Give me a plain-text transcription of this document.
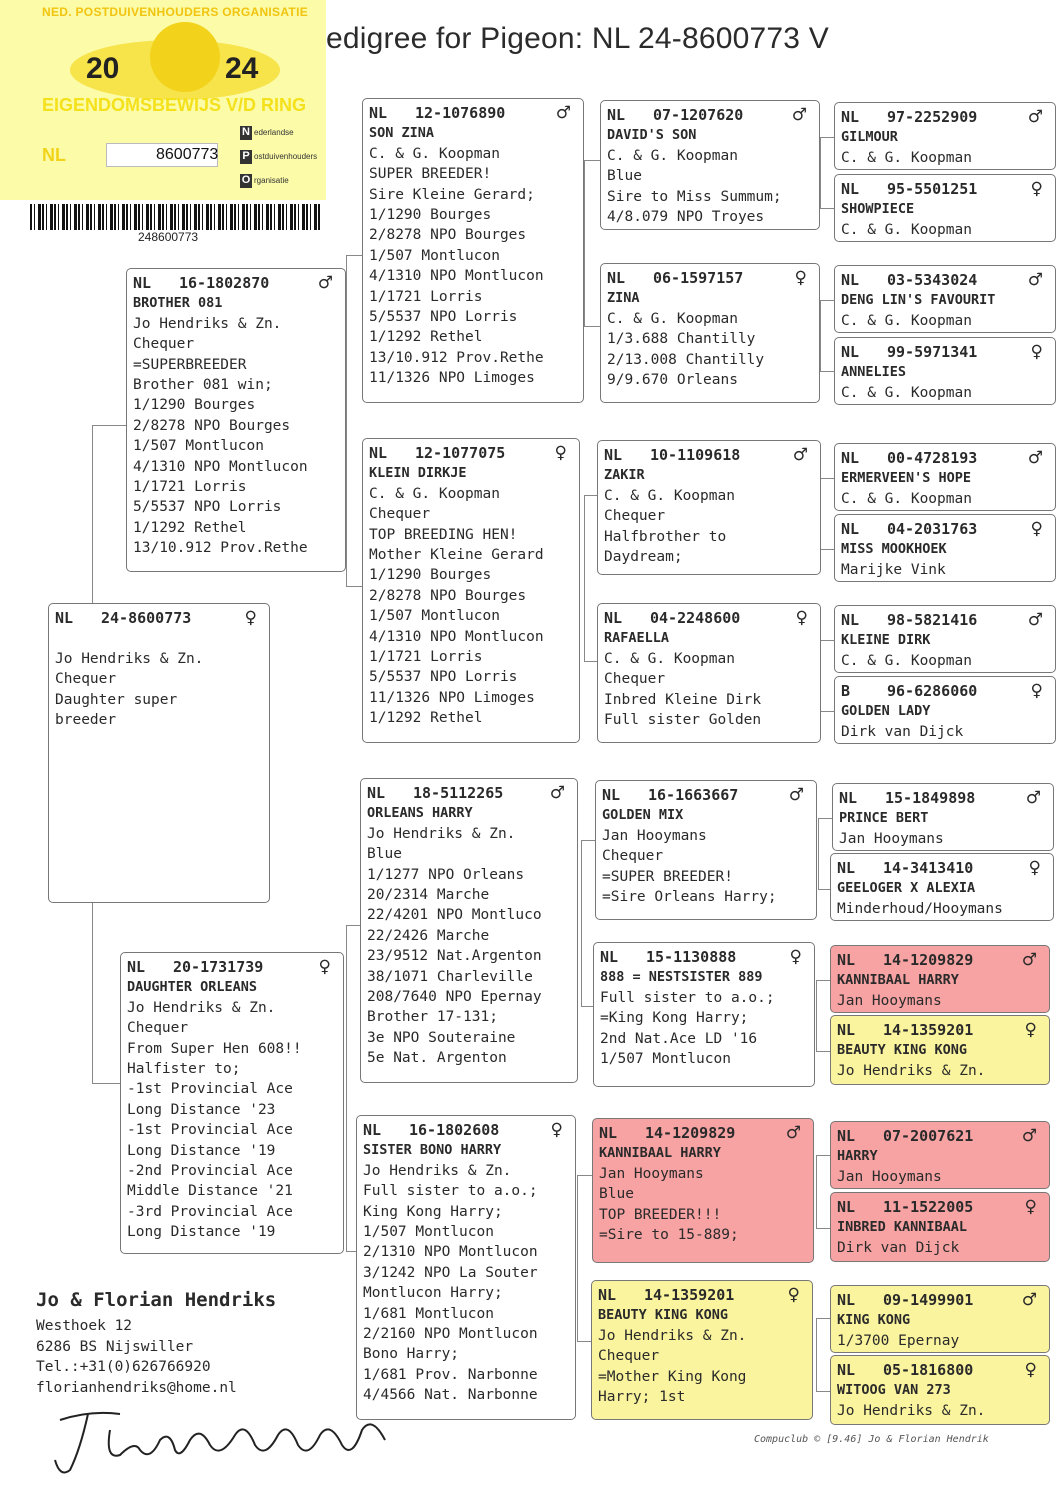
edigree for Pigeon: NL 24-8600773 V
NED. POSTDUIVENHOUDERS ORGANISATIE
20	24
EIGENDOMSBEWIJS V/D RING
NL	8600773
N ederlandse
P ostduivenhouders
O rganisatie
248600773
NL 24-8600773	♀

Jo Hendriks & Zn.
Chequer
Daughter super
breeder
NL 16-1802870	♂
BROTHER 081
Jo Hendriks & Zn.
Chequer
=SUPERBREEDER
Brother 081 win;
1/1290 Bourges
2/8278 NPO Bourges
1/507 Montlucon
4/1310 NPO Montlucon
1/1721 Lorris
5/5537 NPO Lorris
1/1292 Rethel
13/10.912 Prov.Rethe
NL 20-1731739	♀
DAUGHTER ORLEANS
Jo Hendriks & Zn.
Chequer
From Super Hen 608!!
Halfister to;
-1st Provincial Ace
Long Distance '23
-1st Provincial Ace
Long Distance '19
-2nd Provincial Ace
Middle Distance '21
-3rd Provincial Ace
Long Distance '19
NL 12-1076890	♂
SON ZINA
C. & G. Koopman
SUPER BREEDER!
Sire Kleine Gerard;
1/1290 Bourges
2/8278 NPO Bourges
1/507 Montlucon
4/1310 NPO Montlucon
1/1721 Lorris
5/5537 NPO Lorris
1/1292 Rethel
13/10.912 Prov.Rethe
11/1326 NPO Limoges
NL 12-1077075	♀
KLEIN DIRKJE
C. & G. Koopman
Chequer
TOP BREEDING HEN!
Mother Kleine Gerard
1/1290 Bourges
2/8278 NPO Bourges
1/507 Montlucon
4/1310 NPO Montlucon
1/1721 Lorris
5/5537 NPO Lorris
11/1326 NPO Limoges
1/1292 Rethel
NL 18-5112265	♂
ORLEANS HARRY
Jo Hendriks & Zn.
Blue
1/1277 NPO Orleans
20/2314 Marche
22/4201 NPO Montluco
22/2426 Marche
23/9512 Nat.Argenton
38/1071 Charleville
208/7640 NPO Epernay
Brother 17-131;
3e NPO Souteraine
5e Nat. Argenton
NL 16-1802608	♀
SISTER BONO HARRY
Jo Hendriks & Zn.
Full sister to a.o.;
King Kong Harry;
1/507 Montlucon
2/1310 NPO Montlucon
3/1242 NPO La Souter
Montlucon Harry;
1/681 Montlucon
2/2160 NPO Montlucon
Bono Harry;
1/681 Prov. Narbonne
4/4566 Nat. Narbonne
NL 07-1207620	♂
DAVID'S SON
C. & G. Koopman
Blue
Sire to Miss Summum;
4/8.079 NPO Troyes
NL 06-1597157	♀
ZINA
C. & G. Koopman
1/3.688 Chantilly
2/13.008 Chantilly
9/9.670 Orleans
NL 10-1109618	♂
ZAKIR
C. & G. Koopman
Chequer
Halfbrother to
Daydream;
NL 04-2248600	♀
RAFAELLA
C. & G. Koopman
Chequer
Inbred Kleine Dirk
Full sister Golden
NL 16-1663667	♂
GOLDEN MIX
Jan Hooymans
Chequer
=SUPER BREEDER!
=Sire Orleans Harry;
NL 15-1130888	♀
888 = NESTSISTER 889
Full sister to a.o.;
=King Kong Harry;
2nd Nat.Ace LD '16
1/507 Montlucon
NL 14-1209829	♂
KANNIBAAL HARRY
Jan Hooymans
Blue
TOP BREEDER!!!
=Sire to 15-889;
NL 14-1359201	♀
BEAUTY KING KONG
Jo Hendriks & Zn.
Chequer
=Mother King Kong
Harry; 1st
NL 97-2252909	♂
GILMOUR
C. & G. Koopman
NL 95-5501251	♀
SHOWPIECE
C. & G. Koopman
NL 03-5343024	♂
DENG LIN'S FAVOURIT
C. & G. Koopman
NL 99-5971341	♀
ANNELIES
C. & G. Koopman
NL 00-4728193	♂
ERMERVEEN'S HOPE
C. & G. Koopman
NL 04-2031763	♀
MISS MOOKHOEK
Marijke Vink
NL 98-5821416	♂
KLEINE DIRK
C. & G. Koopman
B 96-6286060	♀
GOLDEN LADY
Dirk van Dijck
NL 15-1849898	♂
PRINCE BERT
Jan Hooymans
NL 14-3413410	♀
GEELOGER X ALEXIA
Minderhoud/Hooymans
NL 14-1209829	♂
KANNIBAAL HARRY
Jan Hooymans
NL 14-1359201	♀
BEAUTY KING KONG
Jo Hendriks & Zn.
NL 07-2007621	♂
HARRY
Jan Hooymans
NL 11-1522005	♀
INBRED KANNIBAAL
Dirk van Dijck
NL 09-1499901	♂
KING KONG
1/3700 Epernay
NL 05-1816800	♀
WITOOG VAN 273
Jo Hendriks & Zn.
Jo & Florian Hendriks
Westhoek 12
6286 BS Nijswiller
Tel.:+31(0)626766920
florianhendriks@home.nl
Compuclub © [9.46] Jo & Florian Hendrik
